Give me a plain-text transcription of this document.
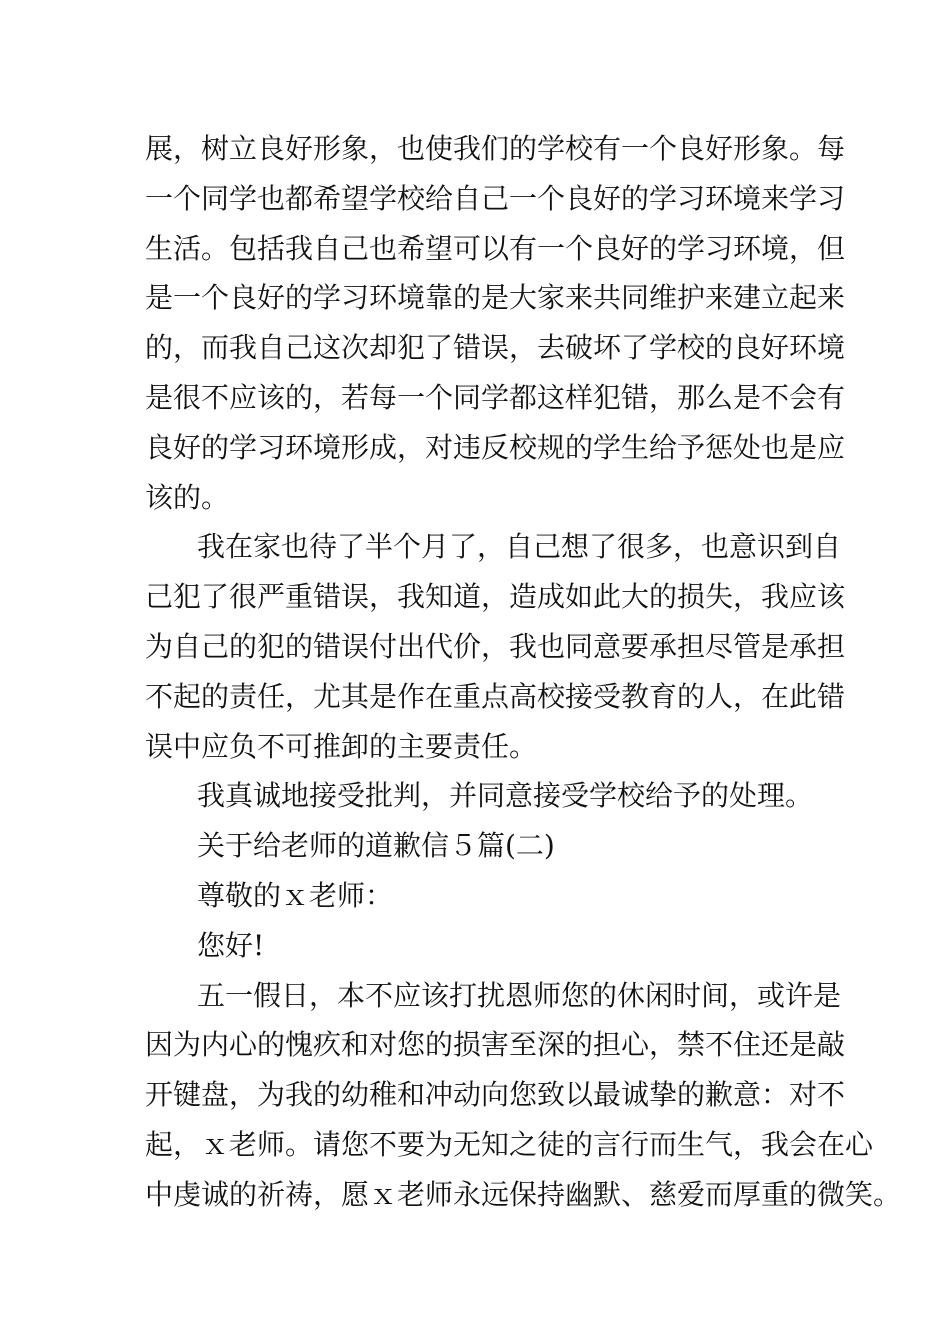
展，树立良好形象，也使我们的学校有一个良好形象。每
一个同学也都希望学校给自己一个良好的学习环境来学习
生活。包括我自己也希望可以有一个良好的学习环境，但
是一个良好的学习环境靠的是大家来共同维护来建立起来
的，而我自己这次却犯了错误，去破坏了学校的良好环境
是很不应该的，若每一个同学都这样犯错，那么是不会有
良好的学习环境形成，对违反校规的学生给予惩处也是应
该的。
我在家也待了半个月了，自己想了很多，也意识到自
己犯了很严重错误，我知道，造成如此大的损失，我应该
为自己的犯的错误付出代价，我也同意要承担尽管是承担
不起的责任，尤其是作在重点高校接受教育的人，在此错
误中应负不可推卸的主要责任。
我真诚地接受批判，并同意接受学校给予的处理。
关于给老师的道歉信５篇(二)
尊敬的ｘ老师：
您好!
五一假日，本不应该打扰恩师您的休闲时间，或许是
因为内心的愧疚和对您的损害至深的担心，禁不住还是敲
开键盘，为我的幼稚和冲动向您致以最诚挚的歉意：对不
起，ｘ老师。请您不要为无知之徒的言行而生气，我会在心
中虔诚的祈祷，愿ｘ老师永远保持幽默、慈爱而厚重的微笑。
